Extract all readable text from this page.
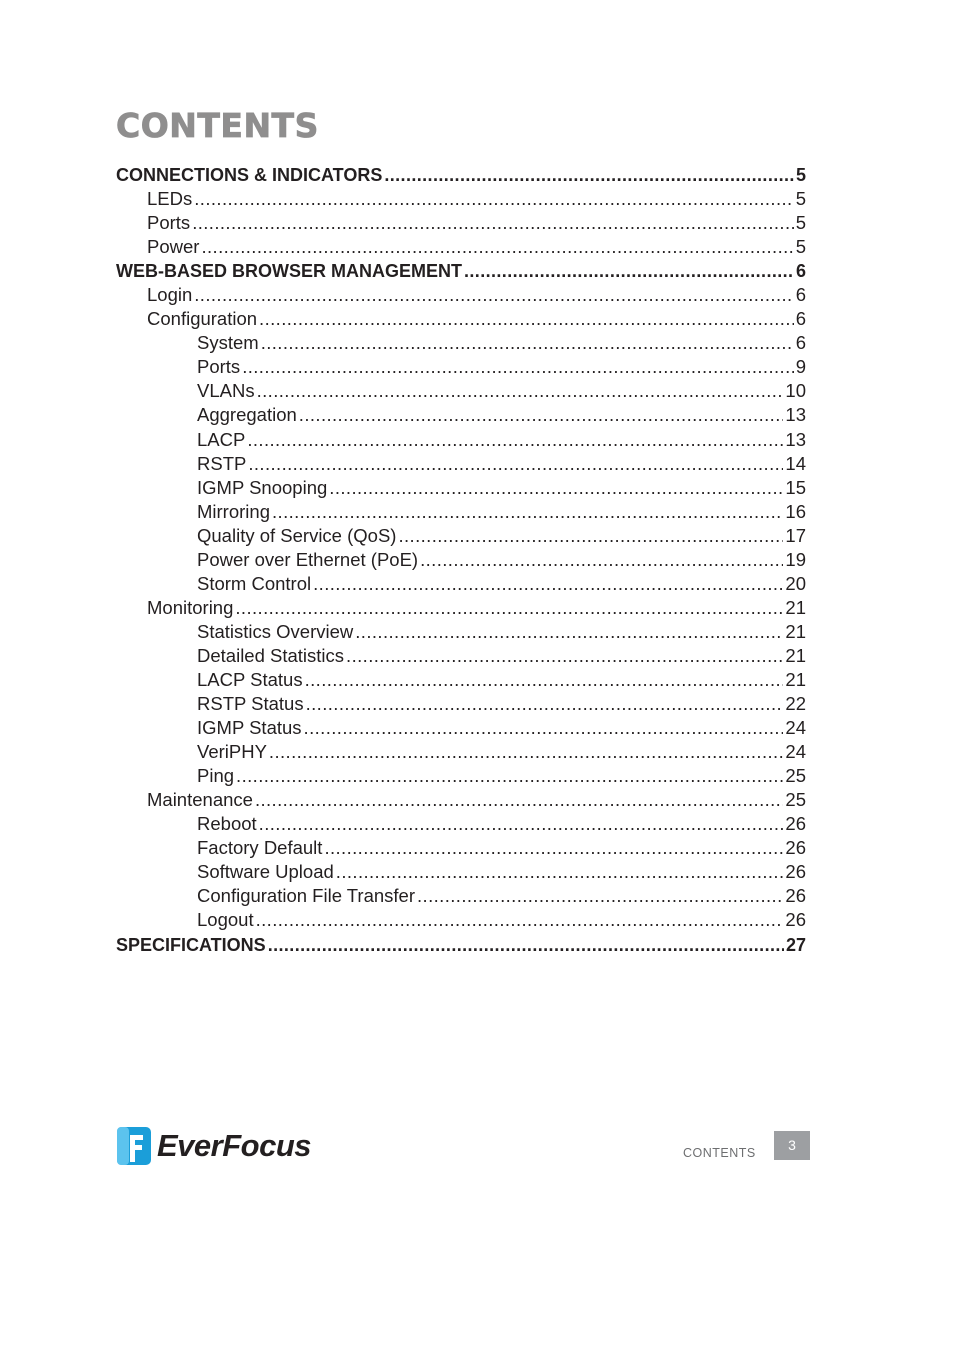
CONTENTS
CONNECTIONS & INDICATORS .....	5
LEDs .....	5
Ports .....	5
Power .....	5
WEB-BASED BROWSER MANAGEMENT .....	6
Login .....	6
Configuration .....	6
System .....	6
Ports .....	9
VLANs .....	10
Aggregation .....	13
LACP .....	13
RSTP .....	14
IGMP Snooping .....	15
Mirroring .....	16
Quality of Service (QoS) .....	17
Power over Ethernet (PoE) .....	19
Storm Control .....	20
Monitoring .....	21
Statistics Overview .....	21
Detailed Statistics .....	21
LACP Status .....	21
RSTP Status .....	22
IGMP Status .....	24
VeriPHY .....	24
Ping .....	25
Maintenance .....	25
Reboot .....	26
Factory Default .....	26
Software Upload .....	26
Configuration File Transfer .....	26
Logout .....	26
SPECIFICATIONS .....	27
EverFocus	CONTENTS	3
